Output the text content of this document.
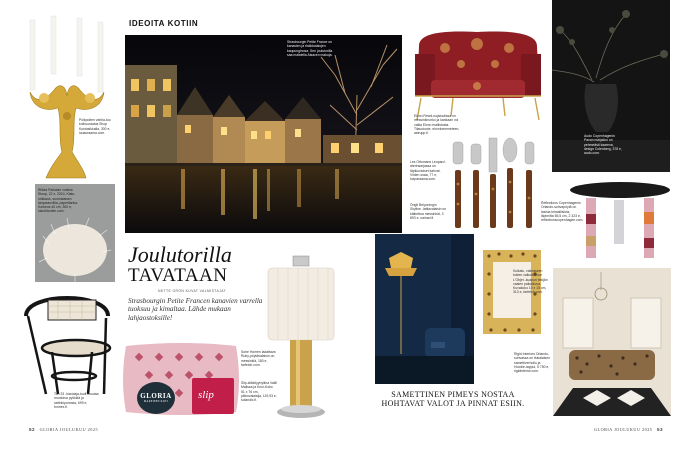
IDEOITA KOTIIN
Polkpolten vahtia-tuo kolhuoraasia Shop Kuntasikkalla, 300 e, luuaoraama.com.
Strasbourgin Petite France on kanavien ja ristikkotalojen kaupunginosa. Sen joulutorilla saa maistella Alsacen makuja.
Elvon Rewd-nojatuolissa on messinkirunko ja kankaan voi valita Elvon mallistosta. Tilaustuote, elvonhemmeteen, astrupp.fi.
Audo Copenhagenin Pavan maljakko on pehmeästi kaareva, design Colenberg, 378 e, audo.com.
Les Ottomans Leopard -aterinsarjassa on täpikuvioiset kahvat. Viiden osaa, 77 e, luxparaama.com.
Örigit Belyoningin Skyline -lattiavalaisin on kätkettua messinkiä, 3 893 e, nainari.fi.
Riikka Palkolan voistos Stoop, 22 x, 2024, Kiatu-orikkaus, suomalaisen lampaanvillla, paperilanka. Korkeus 40 cm, 300 e, lukuihtoriste.com.
Reflections Copenhagenin Orlando-sohvapöytä on lasisia kristallisiivia, läpimitta 55,5 cm, 2 323 e, reflectionscopenhagen.com.
Ton 33 -kiaroiaja-tuoli muutaa muotoisa pyökkiä ja rattinkipunosta, 699 e, formex.fi.
Joulutorilla
TAVATAAN
NETTE GRÖN KUVAT VALMISTAJAT
Strasbourgin Petite Francen kanavien varrella tuoksuu ja kimaltaa. Lähde mukaan lahjaostoksille!
GLORIA
MAKEISEN KOTI
slip
Sohe Homen ladattava Ruby-pöytävalaisin on messinkiä, 180 e, farfetch.com.
Slip-silkkityynyliina Valili Malissa ja Knoi-Koko 51 x 76 cm, pikkuvalaisija, 119,93 e, solandic.fi.
Kuikalu, valmaseen tuleen vaikuttavuun L'Objet -kuapun tekijän vaalen paikaikova. Kuvakoko 10 x 15 cm, 313 e, farfetch.com.
Rigid Interiors Orlando-sohvassa on tiukalaisen samettiverhoilu ja Hoodie-tappui, 5 750 e, rigidinterior.com.
SAMETTINEN PIMEYS NOSTAA HOHTAVAT VALOT JA PINNAT ESIIN.
52 GLORIA JOULUKUU 2025	GLORIA JOULUKUU 2025 53
